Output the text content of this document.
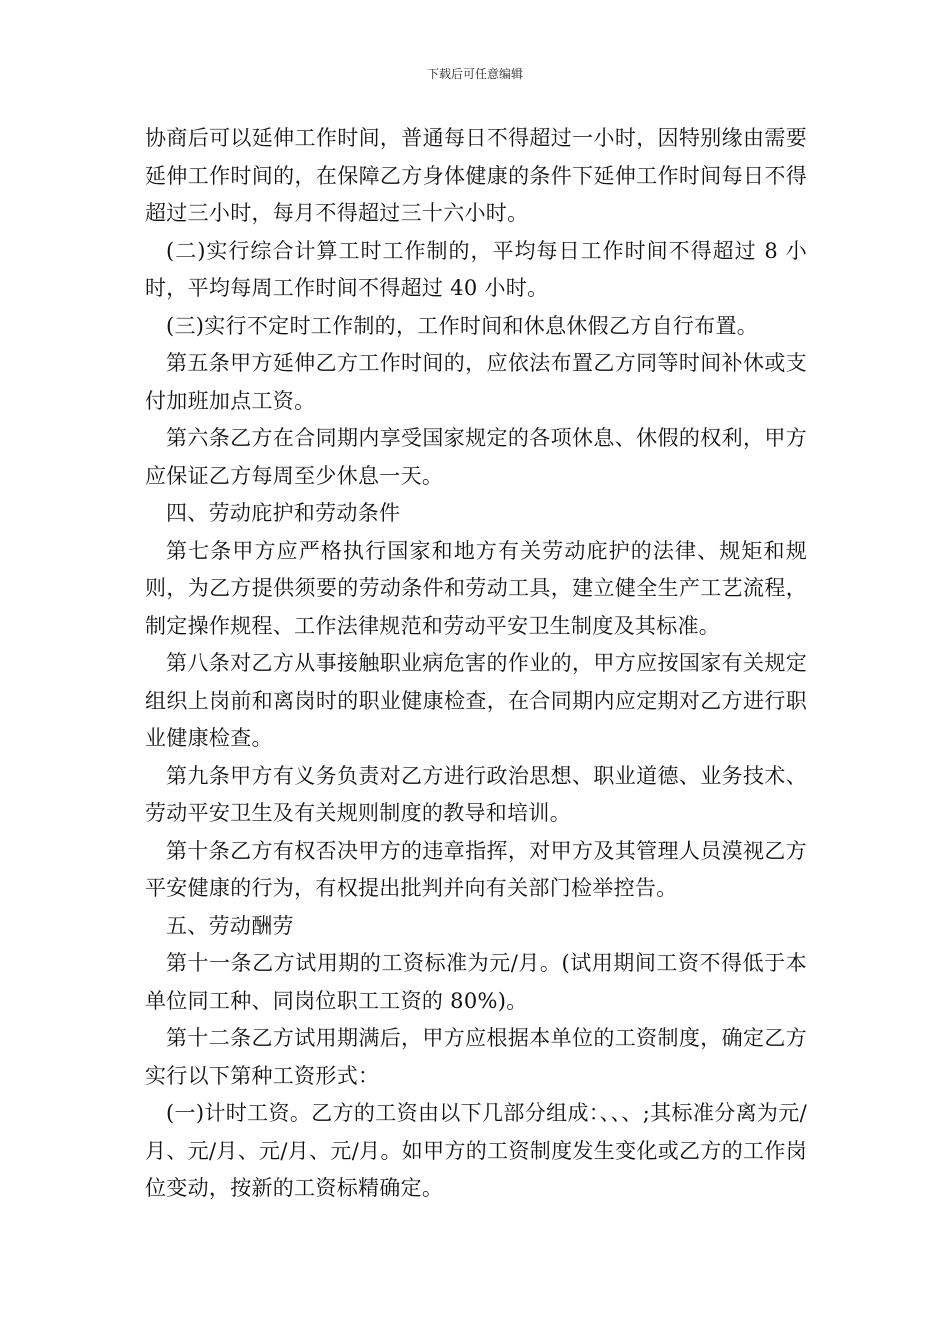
下载后可任意编辑

协商后可以延伸工作时间，普通每日不得超过一小时，因特别缘由需要延伸工作时间的，在保障乙方身体健康的条件下延伸工作时间每日不得超过三小时，每月不得超过三十六小时。

(二)实行综合计算工时工作制的，平均每日工作时间不得超过 8 小时，平均每周工作时间不得超过 40 小时。

(三)实行不定时工作制的，工作时间和休息休假乙方自行布置。

第五条甲方延伸乙方工作时间的，应依法布置乙方同等时间补休或支付加班加点工资。

第六条乙方在合同期内享受国家规定的各项休息、休假的权利，甲方应保证乙方每周至少休息一天。

四、劳动庇护和劳动条件

第七条甲方应严格执行国家和地方有关劳动庇护的法律、规矩和规则，为乙方提供须要的劳动条件和劳动工具，建立健全生产工艺流程，制定操作规程、工作法律规范和劳动平安卫生制度及其标准。

第八条对乙方从事接触职业病危害的作业的，甲方应按国家有关规定组织上岗前和离岗时的职业健康检查，在合同期内应定期对乙方进行职业健康检查。

第九条甲方有义务负责对乙方进行政治思想、职业道德、业务技术、劳动平安卫生及有关规则制度的教导和培训。

第十条乙方有权否决甲方的违章指挥，对甲方及其管理人员漠视乙方平安健康的行为，有权提出批判并向有关部门检举控告。

五、劳动酬劳

第十一条乙方试用期的工资标准为元/月。(试用期间工资不得低于本单位同工种、同岗位职工工资的 80%)。

第十二条乙方试用期满后，甲方应根据本单位的工资制度，确定乙方实行以下第种工资形式：

(一)计时工资。乙方的工资由以下几部分组成：、、、;其标准分离为元/月、元/月、元/月、元/月。如甲方的工资制度发生变化或乙方的工作岗位变动，按新的工资标精确定。
